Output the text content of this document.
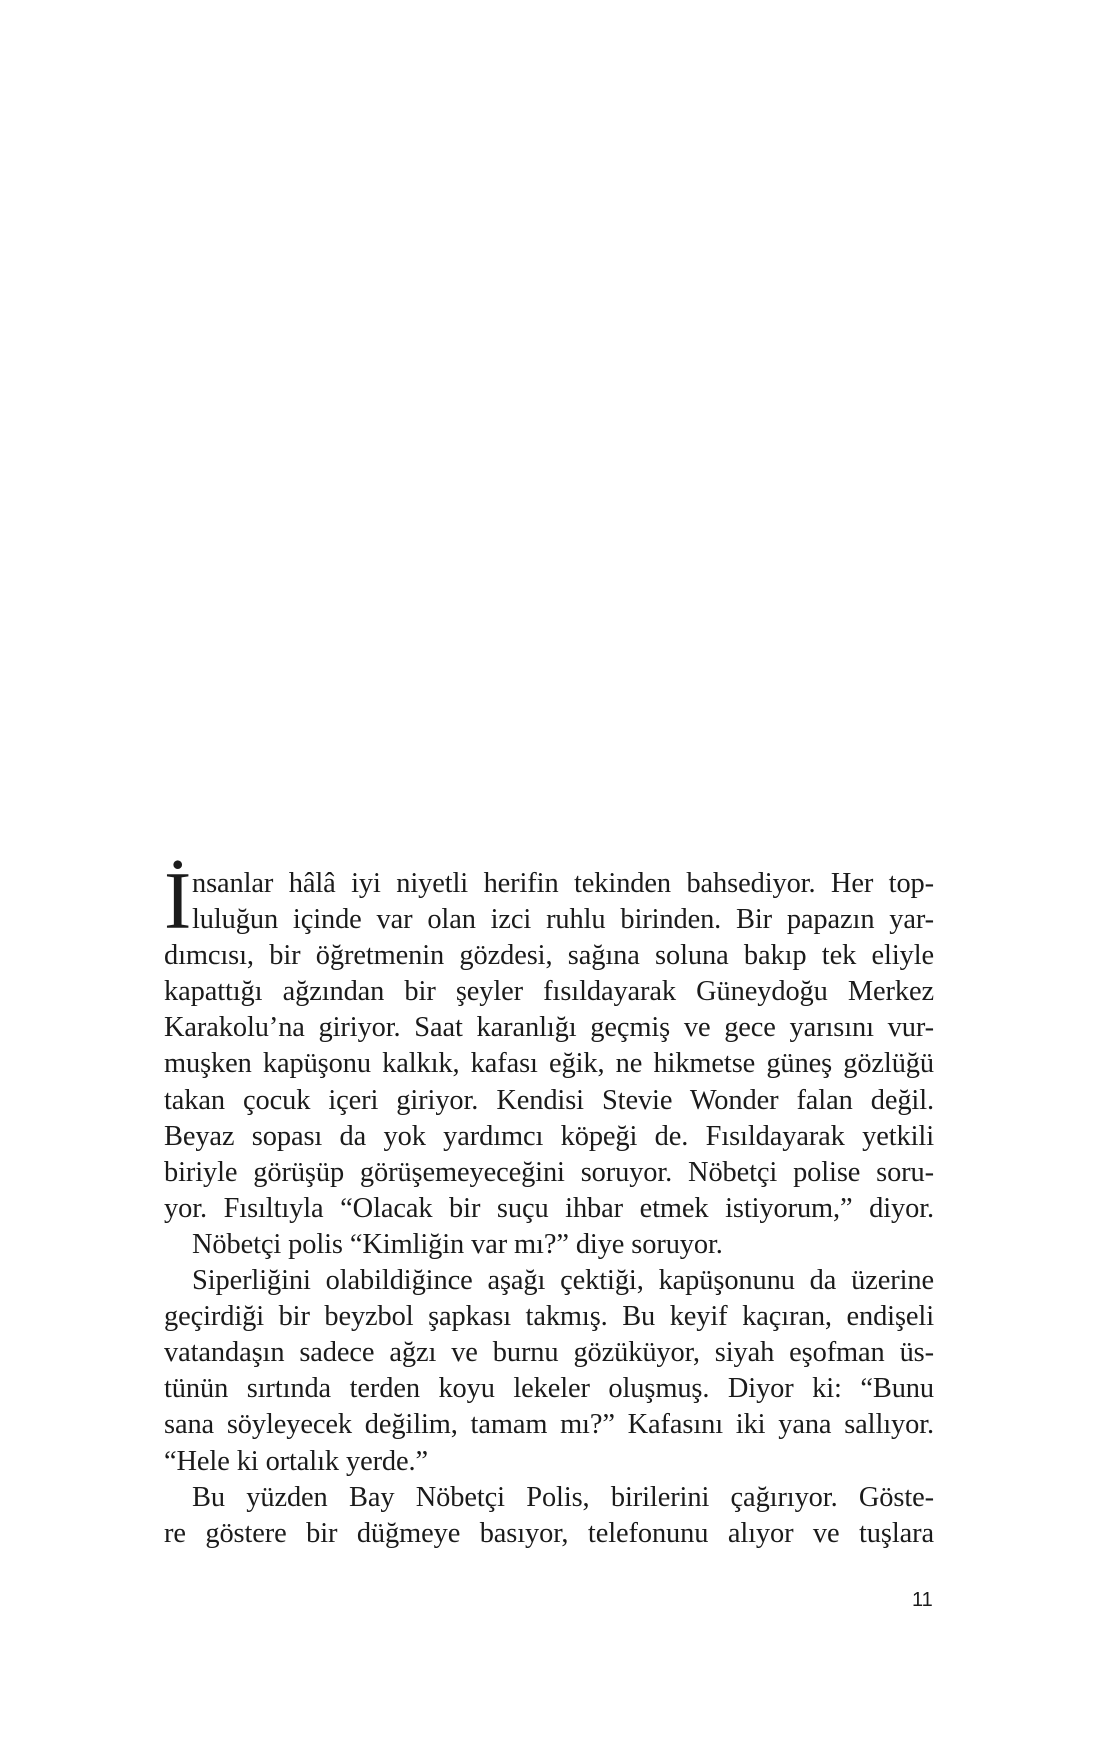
İ nsanlar hâlâ iyi niyetli herifin tekinden bahsediyor. Her top-
luluğun içinde var olan izci ruhlu birinden. Bir papazın yar-
dımcısı, bir öğretmenin gözdesi, sağına soluna bakıp tek eliyle
kapattığı ağzından bir şeyler fısıldayarak Güneydoğu Merkez
Karakolu’na giriyor. Saat karanlığı geçmiş ve gece yarısını vur-
muşken kapüşonu kalkık, kafası eğik, ne hikmetse güneş gözlüğü
takan çocuk içeri giriyor. Kendisi Stevie Wonder falan değil.
Beyaz sopası da yok yardımcı köpeği de. Fısıldayarak yetkili
biriyle görüşüp görüşemeyeceğini soruyor. Nöbetçi polise soru-
yor. Fısıltıyla “Olacak bir suçu ihbar etmek istiyorum,” diyor.
Nöbetçi polis “Kimliğin var mı?” diye soruyor.
Siperliğini olabildiğince aşağı çektiği, kapüşonunu da üzerine
geçirdiği bir beyzbol şapkası takmış. Bu keyif kaçıran, endişeli
vatandaşın sadece ağzı ve burnu gözüküyor, siyah eşofman üs-
tünün sırtında terden koyu lekeler oluşmuş. Diyor ki: “Bunu
sana söyleyecek değilim, tamam mı?” Kafasını iki yana sallıyor.
“Hele ki ortalık yerde.”
Bu yüzden Bay Nöbetçi Polis, birilerini çağırıyor. Göste-
re göstere bir düğmeye basıyor, telefonunu alıyor ve tuşlara
11
